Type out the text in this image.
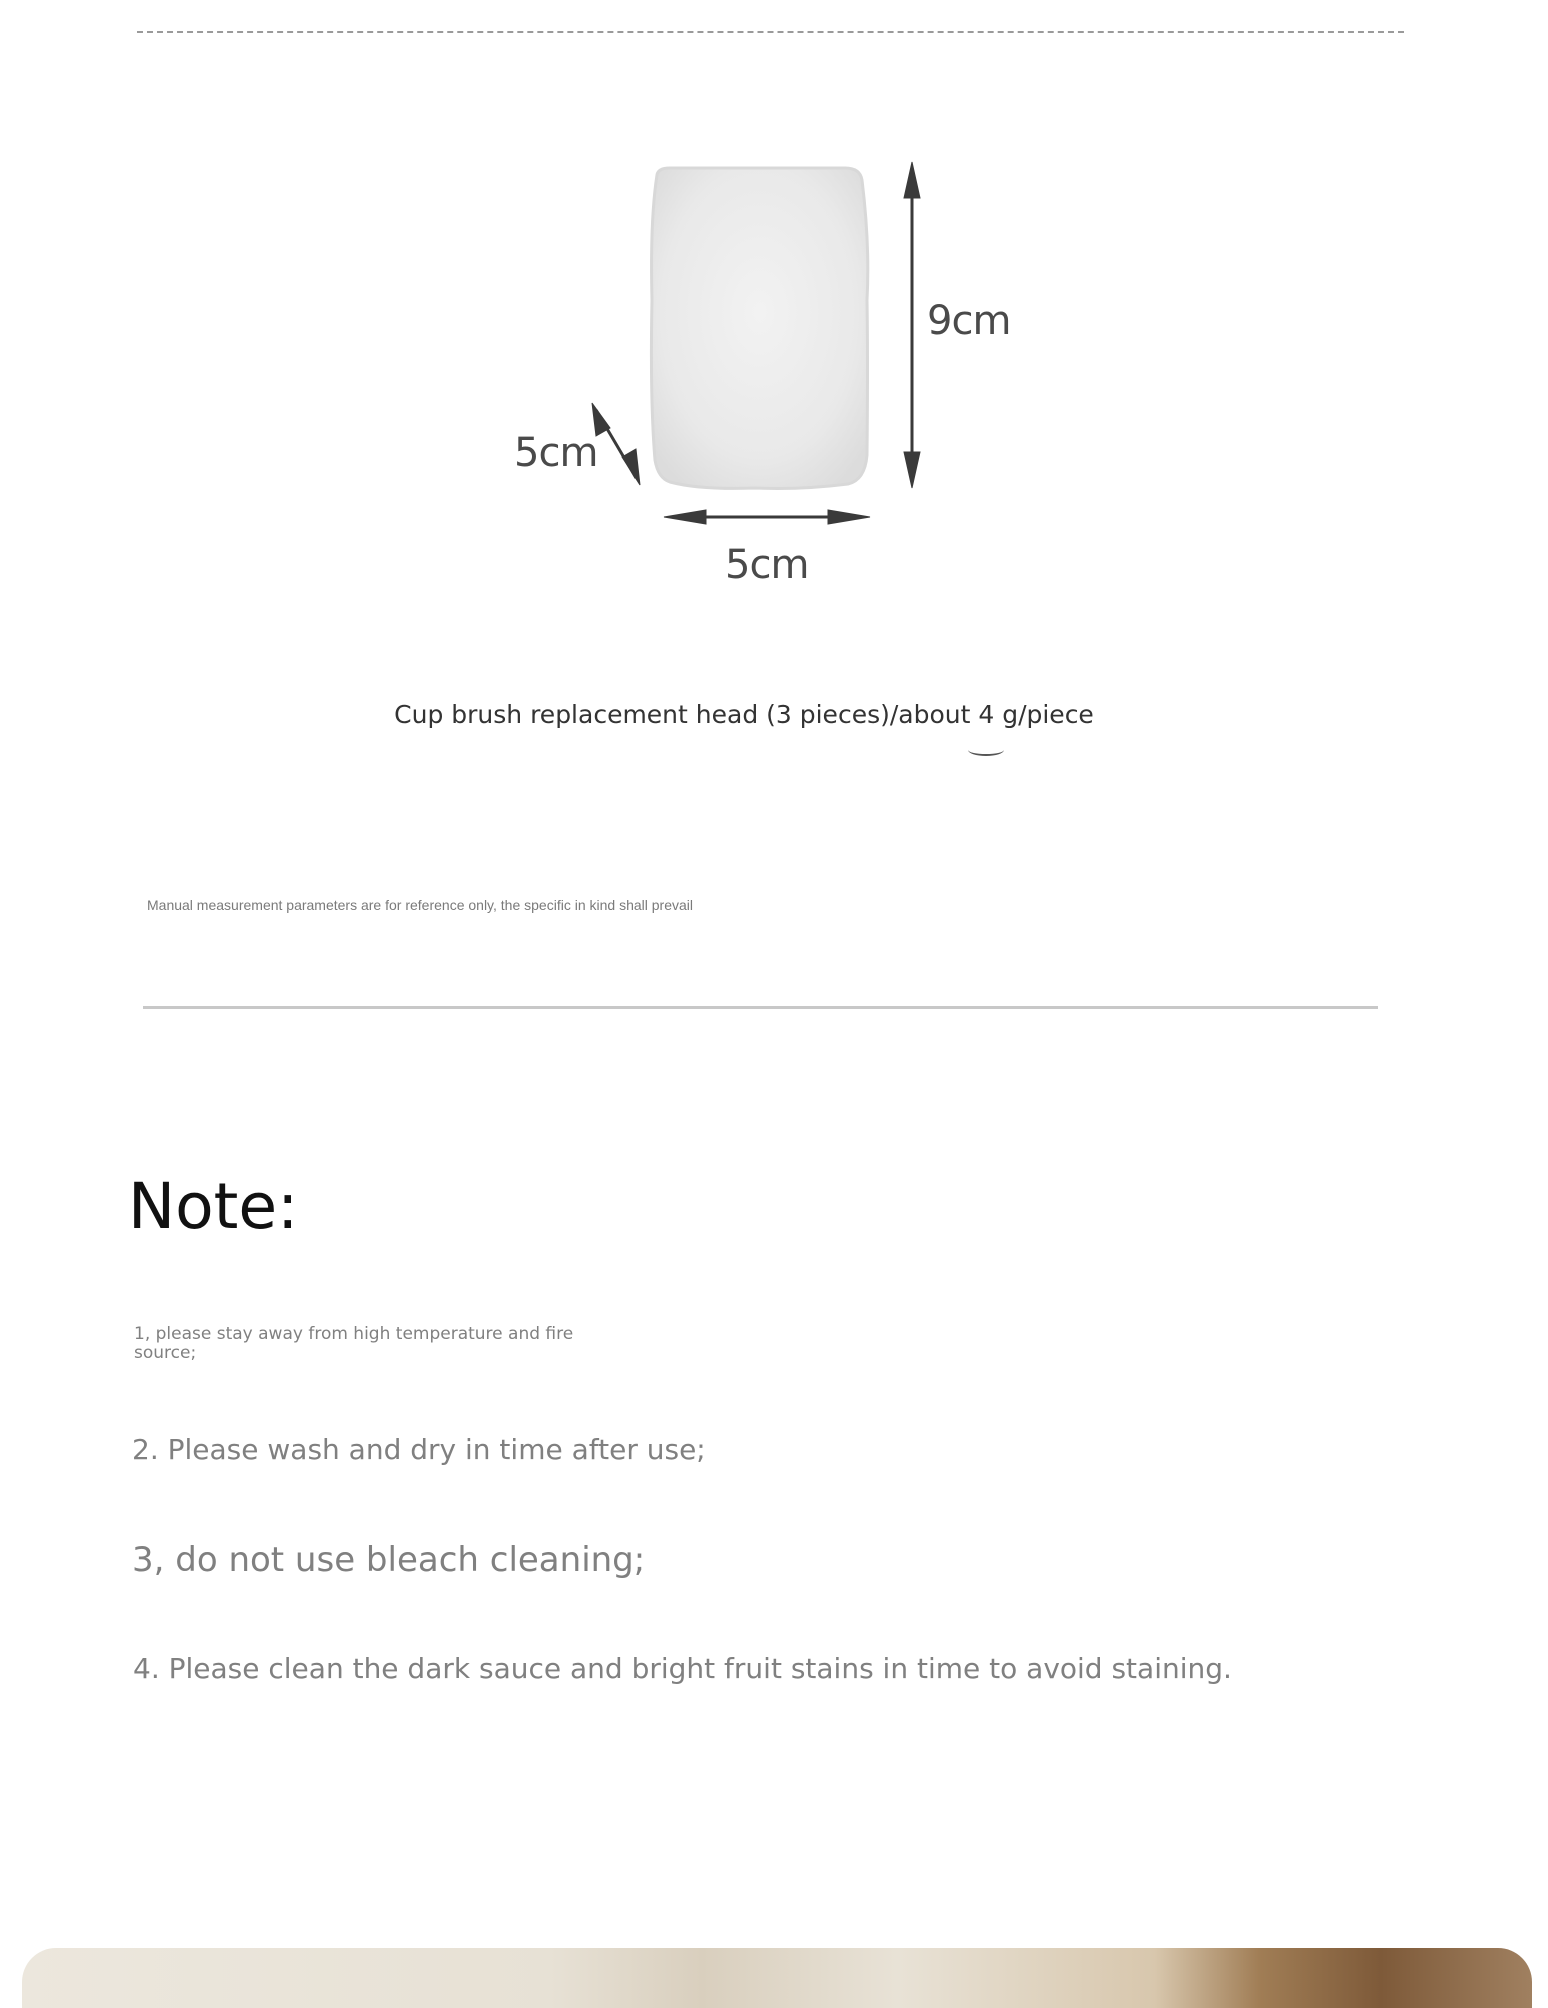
9cm
5cm
5cm
Cup brush replacement head (3 pieces)/about 4 g/piece
Manual measurement parameters are for reference only, the specific in kind shall prevail
Note:
1, please stay away from high temperature and fire source;
2. Please wash and dry in time after use;
3, do not use bleach cleaning;
4. Please clean the dark sauce and bright fruit stains in time to avoid staining.
